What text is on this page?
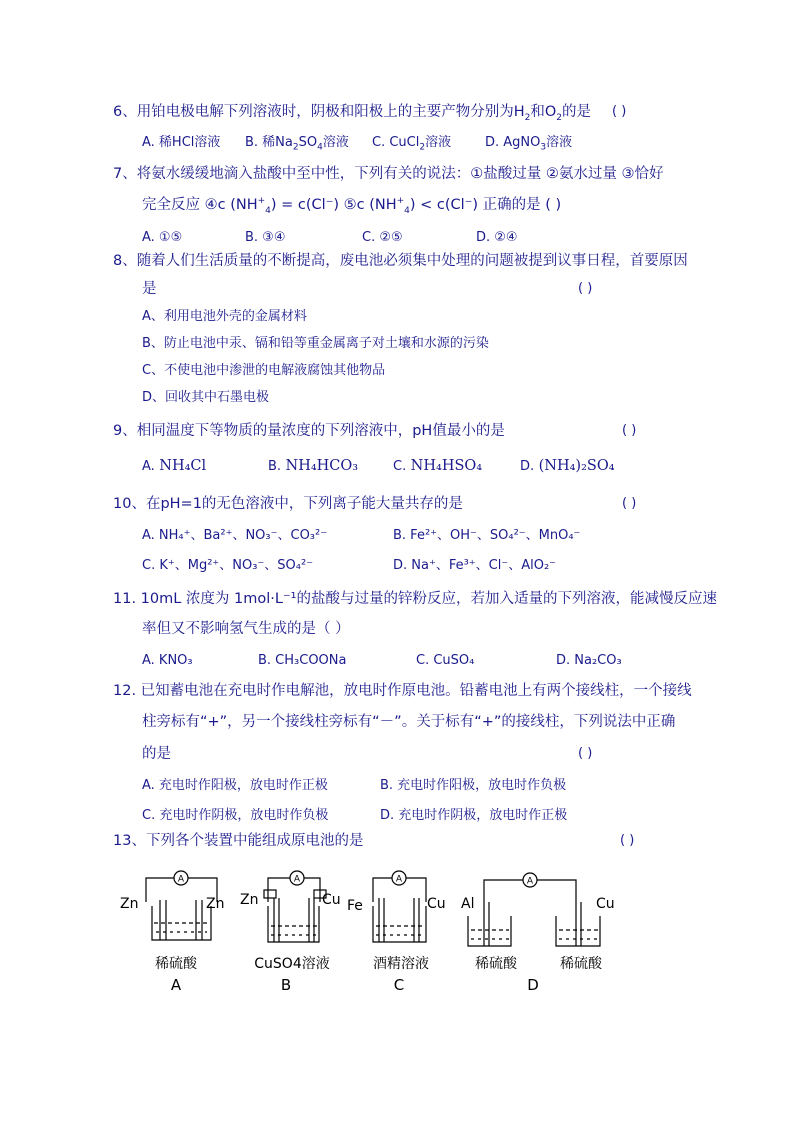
6、用铂电极电解下列溶液时，阴极和阳极上的主要产物分别为$H_2$和$O_2$的是 ( )
A. 稀HCl溶液 B. 稀$Na_2SO_4$溶液 C. CuCl$_2$溶液	D. AgNO$_3$溶液
7、将氨水缓缓地滴入盐酸中至中性，下列有关的说法：①盐酸过量 ②氨水过量 ③恰好
完全反应 ④c $(NH^+_4) = c(Cl^-)$ ⑤c $(NH^+_4) < c(Cl^-)$ 正确的是 ( )
A. ①⑤	B. ③④	C. ②⑤	D. ②④
8、随着人们生活质量的不断提高，废电池必须集中处理的问题被提到议事日程，首要原因
是	( )
A、利用电池外壳的金属材料
B、防止电池中汞、镉和铅等重金属离子对土壤和水源的污染
C、不使电池中渗泄的电解液腐蚀其他物品
D、回收其中石墨电极
9、相同温度下等物质的量浓度的下列溶液中，pH值最小的是	( )
A. NH₄Cl	B. NH₄HCO₃	C. NH₄HSO₄	D. (NH₄)₂SO₄
10、在pH=1的无色溶液中，下列离子能大量共存的是	( )
A. NH₄⁺、Ba²⁺、NO₃⁻、CO₃²⁻	B. Fe²⁺、OH⁻、SO₄²⁻、MnO₄⁻
C. K⁺、Mg²⁺、NO₃⁻、SO₄²⁻	D. Na⁺、Fe³⁺、Cl⁻、AlO₂⁻
11. 10mL 浓度为 1mol·L⁻¹的盐酸与过量的锌粉反应，若加入适量的下列溶液，能减慢反应速
率但又不影响氢气生成的是（ ）
A. KNO₃	B. CH₃COONa	C. CuSO₄	D. Na₂CO₃
12. 已知蓄电池在充电时作电解池，放电时作原电池。铅蓄电池上有两个接线柱，一个接线
柱旁标有“+”，另一个接线柱旁标有“－”。关于标有“+”的接线柱，下列说法中正确
的是	( )
A. 充电时作阳极，放电时作正极	B. 充电时作阳极，放电时作负极
C. 充电时作阴极，放电时作负极	D. 充电时作阴极，放电时作正极
13、下列各个装置中能组成原电池的是	( )
A	A	A	A
Zn	Zn Zn	Cu Fe	Cu Al	Cu
稀硫酸	CuSO4溶液	酒精溶液	稀硫酸	稀硫酸
A	B	C	D
